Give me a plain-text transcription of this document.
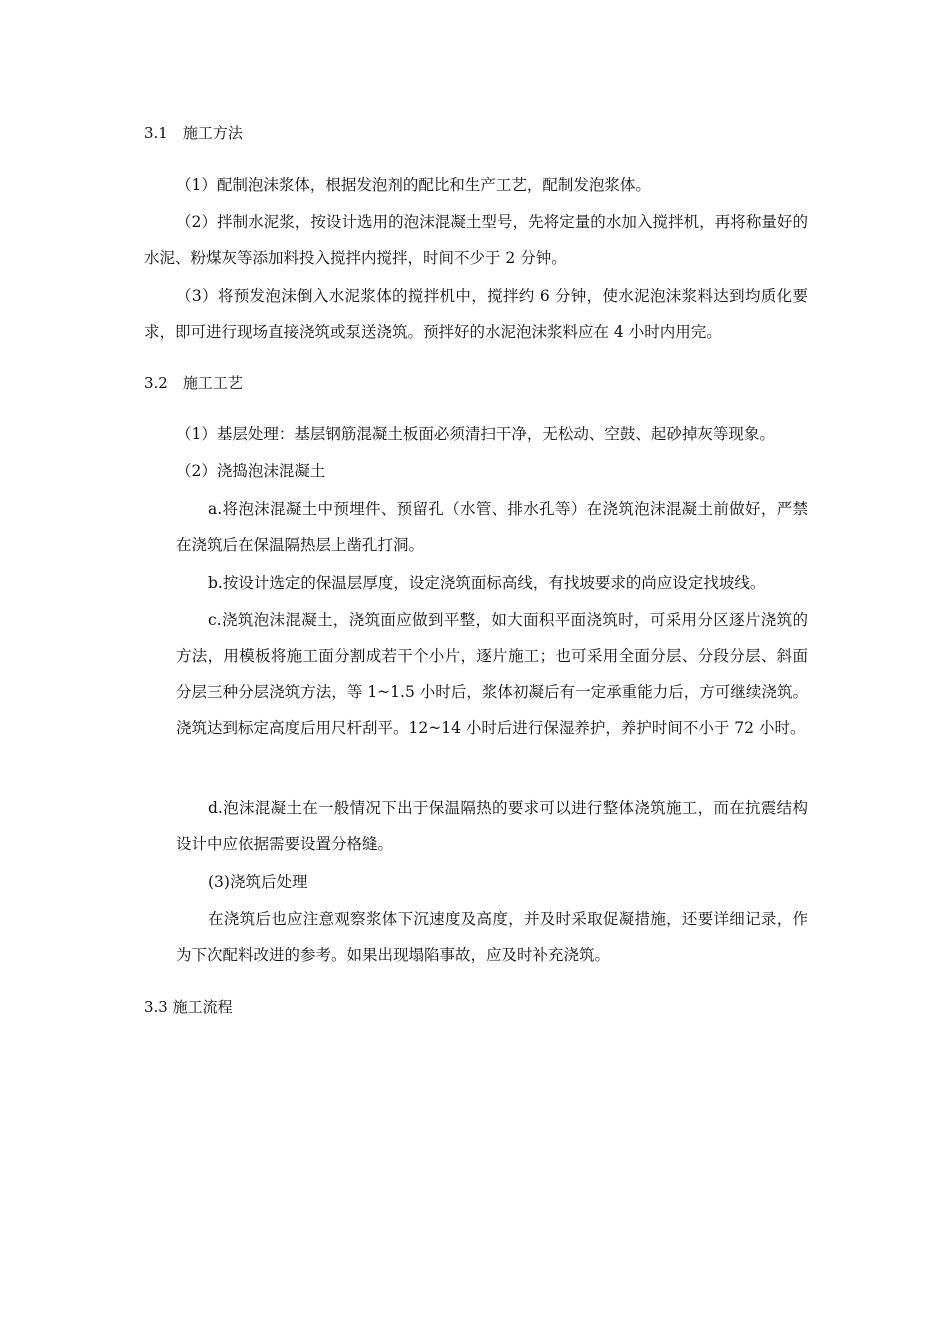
3.1　施工方法

（1）配制泡沫浆体，根据发泡剂的配比和生产工艺，配制发泡浆体。

（2）拌制水泥浆，按设计选用的泡沫混凝土型号，先将定量的水加入搅拌机，再将称量好的水泥、粉煤灰等添加料投入搅拌内搅拌，时间不少于 2 分钟。

（3）将预发泡沫倒入水泥浆体的搅拌机中，搅拌约 6 分钟，使水泥泡沫浆料达到均质化要求，即可进行现场直接浇筑或泵送浇筑。预拌好的水泥泡沫浆料应在 4 小时内用完。

3.2　施工工艺

（1）基层处理：基层钢筋混凝土板面必须清扫干净，无松动、空鼓、起砂掉灰等现象。

（2）浇捣泡沫混凝土

a.将泡沫混凝土中预埋件、预留孔（水管、排水孔等）在浇筑泡沫混凝土前做好，严禁在浇筑后在保温隔热层上凿孔打洞。

b.按设计选定的保温层厚度，设定浇筑面标高线，有找坡要求的尚应设定找坡线。

c.浇筑泡沫混凝土，浇筑面应做到平整，如大面积平面浇筑时，可采用分区逐片浇筑的方法，用模板将施工面分割成若干个小片，逐片施工；也可采用全面分层、分段分层、斜面分层三种分层浇筑方法，等 1~1.5 小时后，浆体初凝后有一定承重能力后，方可继续浇筑。浇筑达到标定高度后用尺杆刮平。12~14 小时后进行保湿养护，养护时间不小于 72 小时。

d.泡沫混凝土在一般情况下出于保温隔热的要求可以进行整体浇筑施工，而在抗震结构设计中应依据需要设置分格缝。

(3)浇筑后处理

在浇筑后也应注意观察浆体下沉速度及高度，并及时采取促凝措施，还要详细记录，作为下次配料改进的参考。如果出现塌陷事故，应及时补充浇筑。

3.3 施工流程
